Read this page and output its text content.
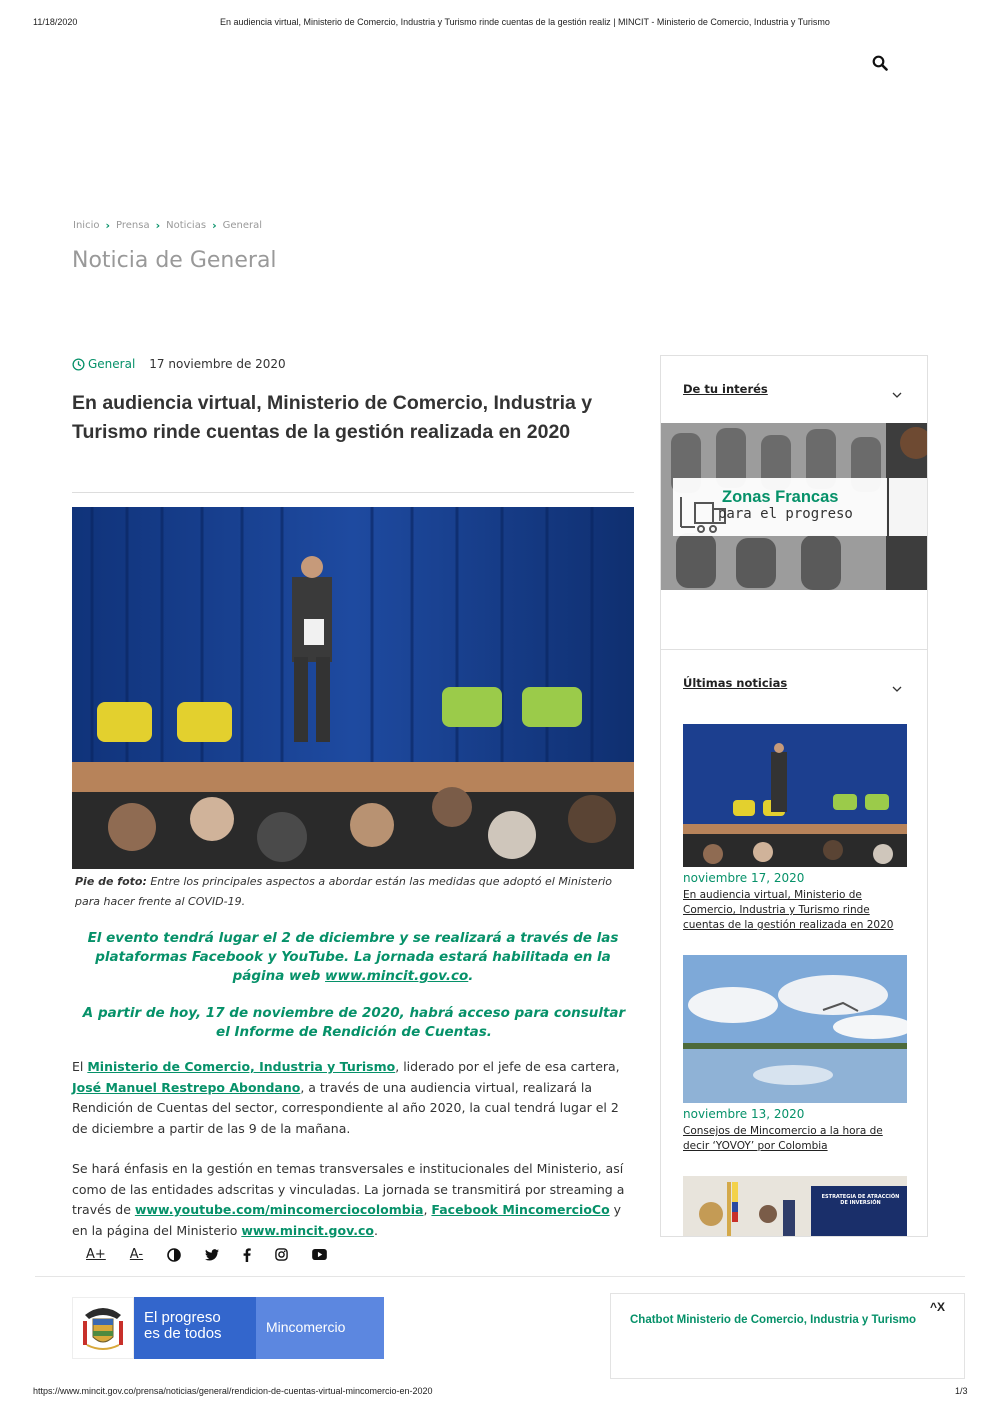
11/18/2020	En audiencia virtual, Ministerio de Comercio, Industria y Turismo rinde cuentas de la gestión realiz | MINCIT - Ministerio de Comercio, Industria y Turismo
Inicio › Prensa › Noticias › General
Noticia de General
General 17 noviembre de 2020
En audiencia virtual, Ministerio de Comercio, Industria y Turismo rinde cuentas de la gestión realizada en 2020
Pie de foto: Entre los principales aspectos a abordar están las medidas que adoptó el Ministerio para hacer frente al COVID-19.

El evento tendrá lugar el 2 de diciembre y se realizará a través de las plataformas Facebook y YouTube. La jornada estará habilitada en la página web www.mincit.gov.co.

A partir de hoy, 17 de noviembre de 2020, habrá acceso para consultar el Informe de Rendición de Cuentas.

El Ministerio de Comercio, Industria y Turismo, liderado por el jefe de esa cartera, José Manuel Restrepo Abondano, a través de una audiencia virtual, realizará la Rendición de Cuentas del sector, correspondiente al año 2020, la cual tendrá lugar el 2 de diciembre a partir de las 9 de la mañana.

Se hará énfasis en la gestión en temas transversales e institucionales del Ministerio, así como de las entidades adscritas y vinculadas. La jornada se transmitirá por streaming a través de www.youtube.com/mincomerciocolombia, Facebook MincomercioCo y en la página del Ministerio www.mincit.gov.co.

De tu interés
Zonas Francas
para el progreso
Últimas noticias
noviembre 17, 2020
En audiencia virtual, Ministerio de Comercio, Industria y Turismo rinde cuentas de la gestión realizada en 2020
noviembre 13, 2020
Consejos de Mincomercio a la hora de decir ‘YOVOY’ por Colombia
ESTRATEGIA DE ATRACCIÓN DE INVERSIÓN
A+ A-
El progreso
es de todos	Mincomercio
^X
Chatbot Ministerio de Comercio, Industria y Turismo
https://www.mincit.gov.co/prensa/noticias/general/rendicion-de-cuentas-virtual-mincomercio-en-2020	1/3
